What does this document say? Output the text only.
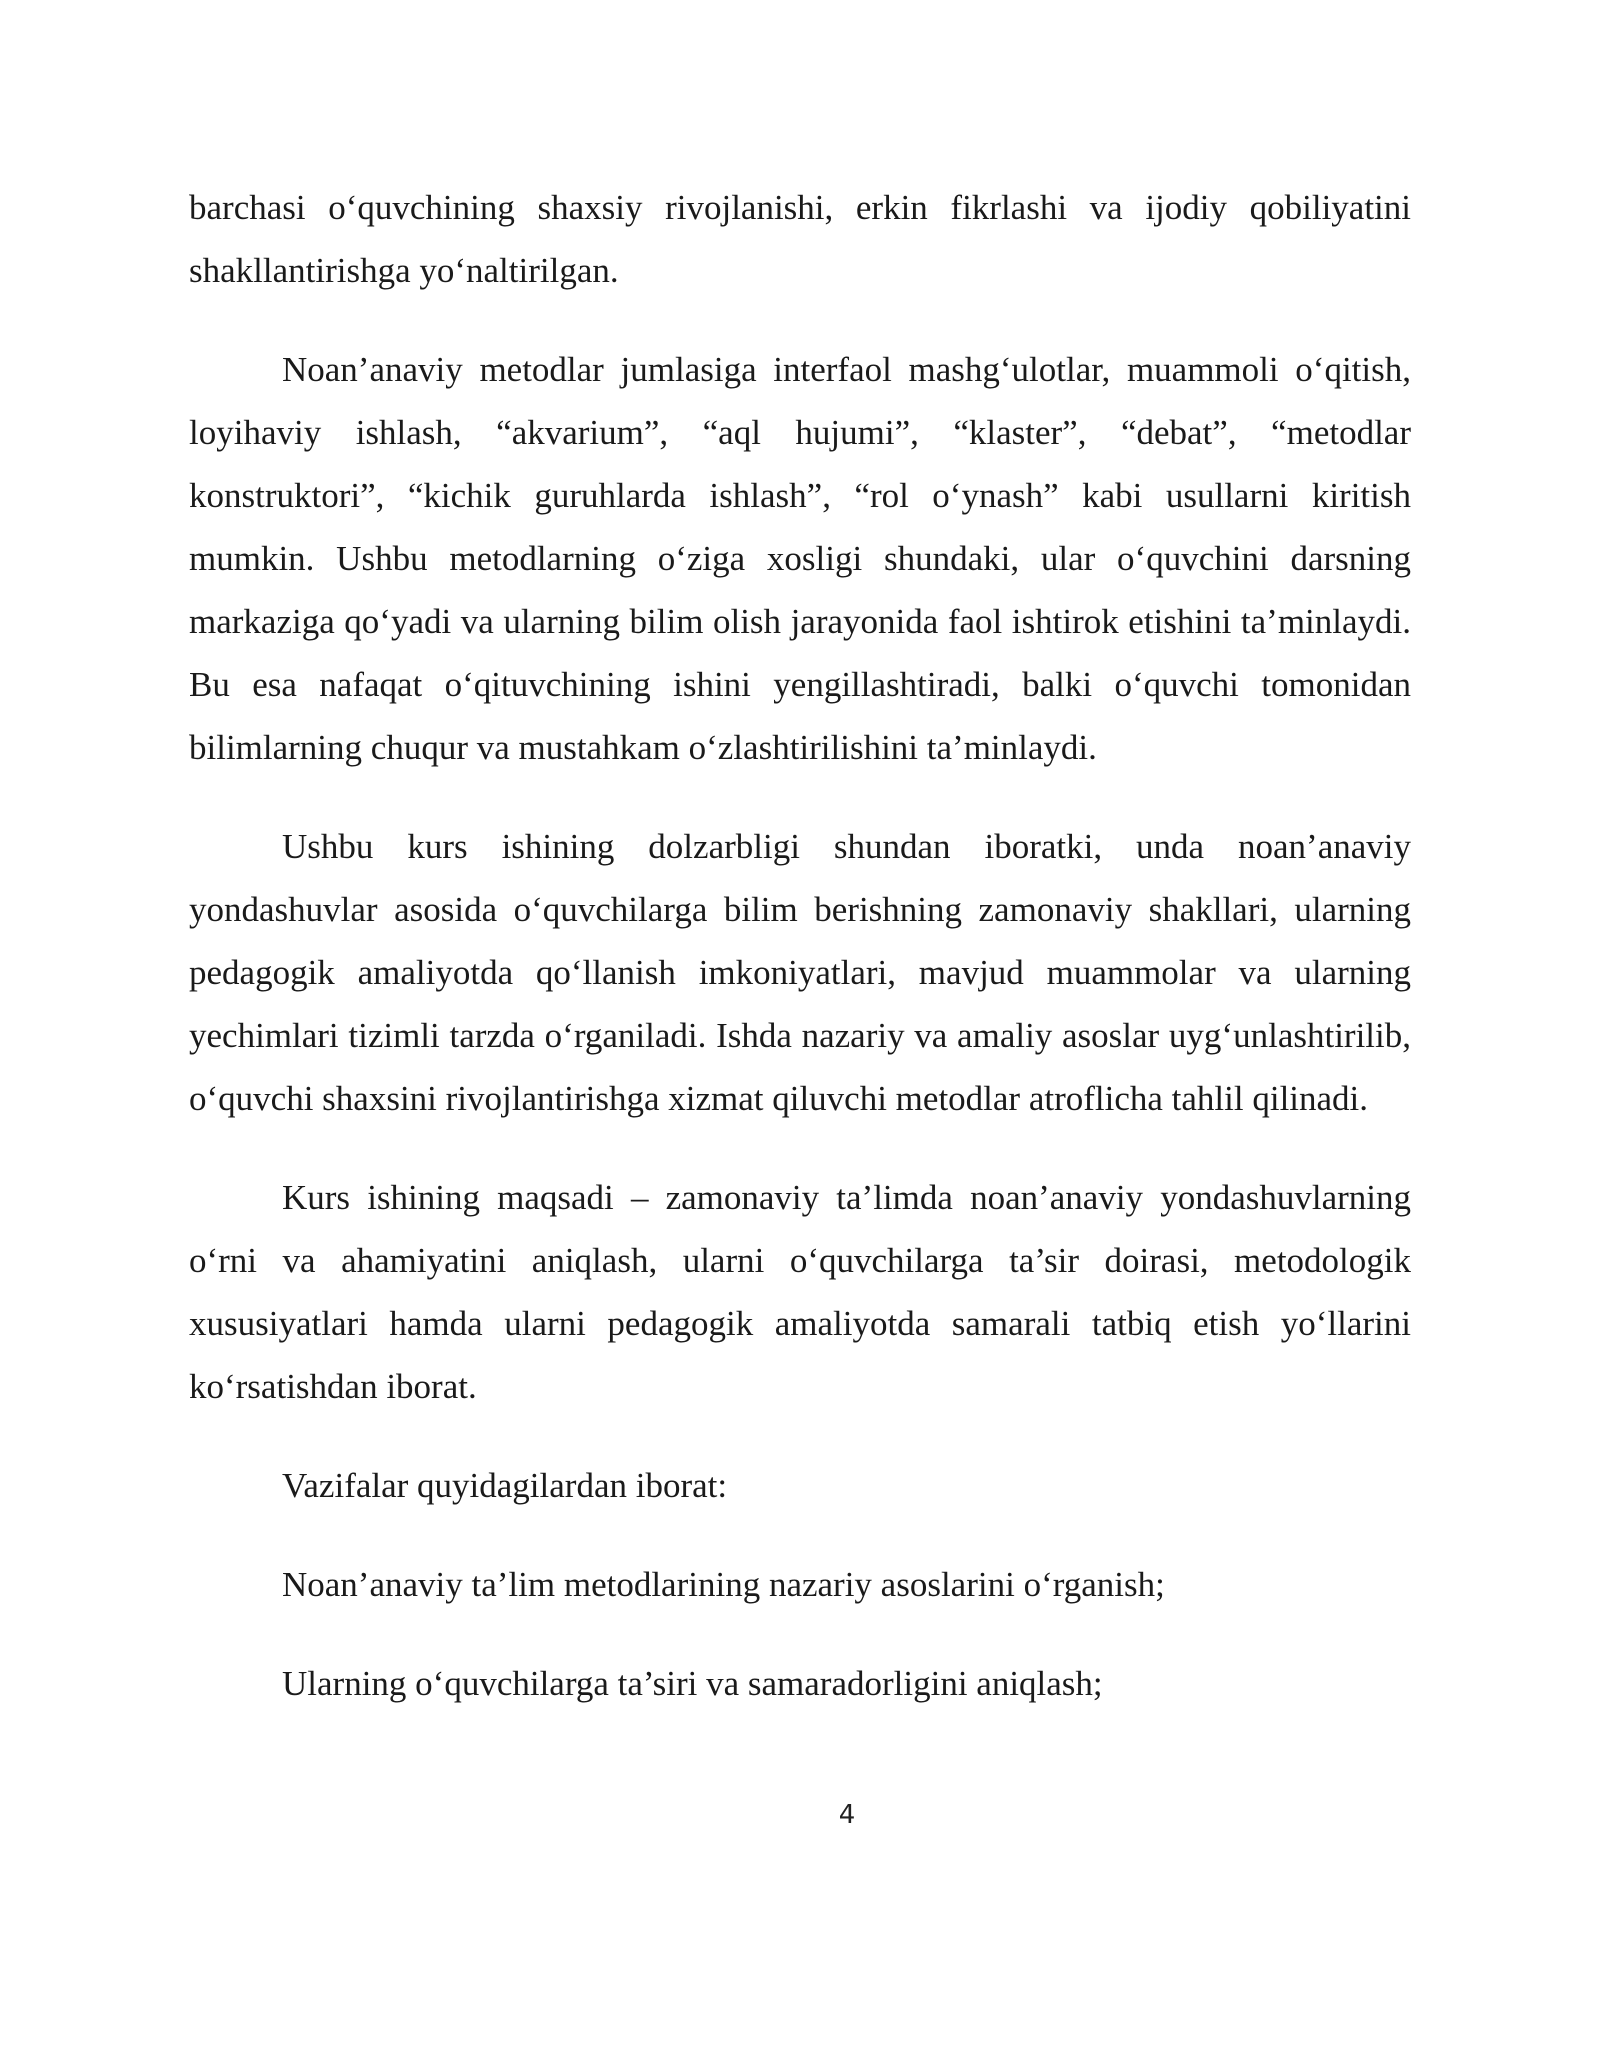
barchasi o‘quvchining shaxsiy rivojlanishi, erkin fikrlashi va ijodiy qobiliyatini shakllantirishga yo‘naltirilgan.

Noan’anaviy metodlar jumlasiga interfaol mashg‘ulotlar, muammoli o‘qitish, loyihaviy ishlash, “akvarium”, “aql hujumi”, “klaster”, “debat”, “metodlar konstruktori”, “kichik guruhlarda ishlash”, “rol o‘ynash” kabi usullarni kiritish mumkin. Ushbu metodlarning o‘ziga xosligi shundaki, ular o‘quvchini darsning markaziga qo‘yadi va ularning bilim olish jarayonida faol ishtirok etishini ta’minlaydi. Bu esa nafaqat o‘qituvchining ishini yengillashtiradi, balki o‘quvchi tomonidan bilimlarning chuqur va mustahkam o‘zlashtirilishini ta’minlaydi.

Ushbu kurs ishining dolzarbligi shundan iboratki, unda noan’anaviy yondashuvlar asosida o‘quvchilarga bilim berishning zamonaviy shakllari, ularning pedagogik amaliyotda qo‘llanish imkoniyatlari, mavjud muammolar va ularning yechimlari tizimli tarzda o‘rganiladi. Ishda nazariy va amaliy asoslar uyg‘unlashtirilib, o‘quvchi shaxsini rivojlantirishga xizmat qiluvchi metodlar atroflicha tahlil qilinadi.

Kurs ishining maqsadi – zamonaviy ta’limda noan’anaviy yondashuvlarning o‘rni va ahamiyatini aniqlash, ularni o‘quvchilarga ta’sir doirasi, metodologik xususiyatlari hamda ularni pedagogik amaliyotda samarali tatbiq etish yo‘llarini ko‘rsatishdan iborat.

Vazifalar quyidagilardan iborat:

Noan’anaviy ta’lim metodlarining nazariy asoslarini o‘rganish;

Ularning o‘quvchilarga ta’siri va samaradorligini aniqlash;

4
